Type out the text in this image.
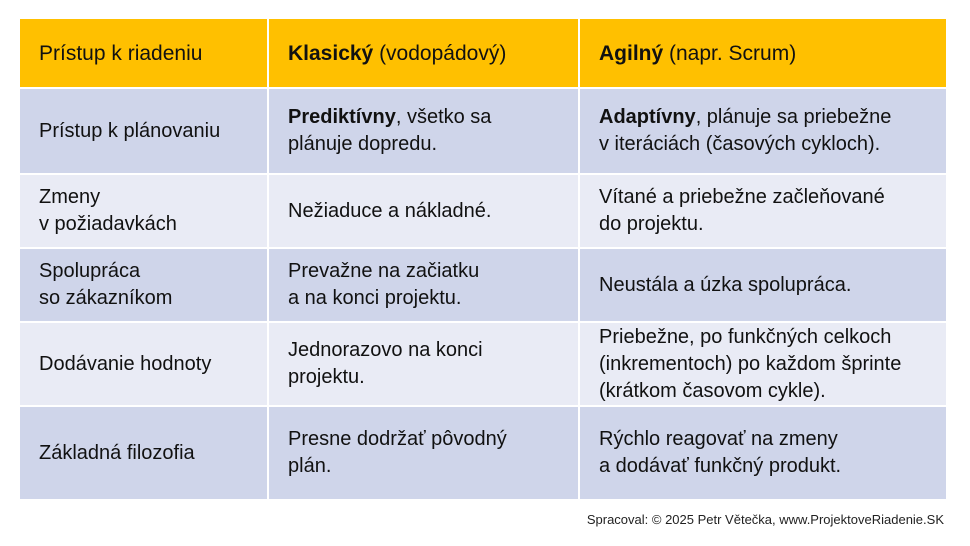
Prístup k riadeniu	Klasický (vodopádový)	Agilný (napr. Scrum)
Prístup k plánovaniu
Prediktívny, všetko sa
plánuje dopredu.
Adaptívny, plánuje sa priebežne
v iteráciách (časových cykloch).
Zmeny
v požiadavkách
Nežiaduce a nákladné.
Vítané a priebežne začleňované
do projektu.
Spolupráca
so zákazníkom
Prevažne na začiatku
a na konci projektu.
Neustála a úzka spolupráca.
Dodávanie hodnoty
Jednorazovo na konci
projektu.
Priebežne, po funkčných celkoch
(inkrementoch) po každom šprinte
(krátkom časovom cykle).
Základná filozofia
Presne dodržať pôvodný
plán.
Rýchlo reagovať na zmeny
a dodávať funkčný produkt.
Spracoval: © 2025 Petr Větečka, www.ProjektoveRiadenie.SK
